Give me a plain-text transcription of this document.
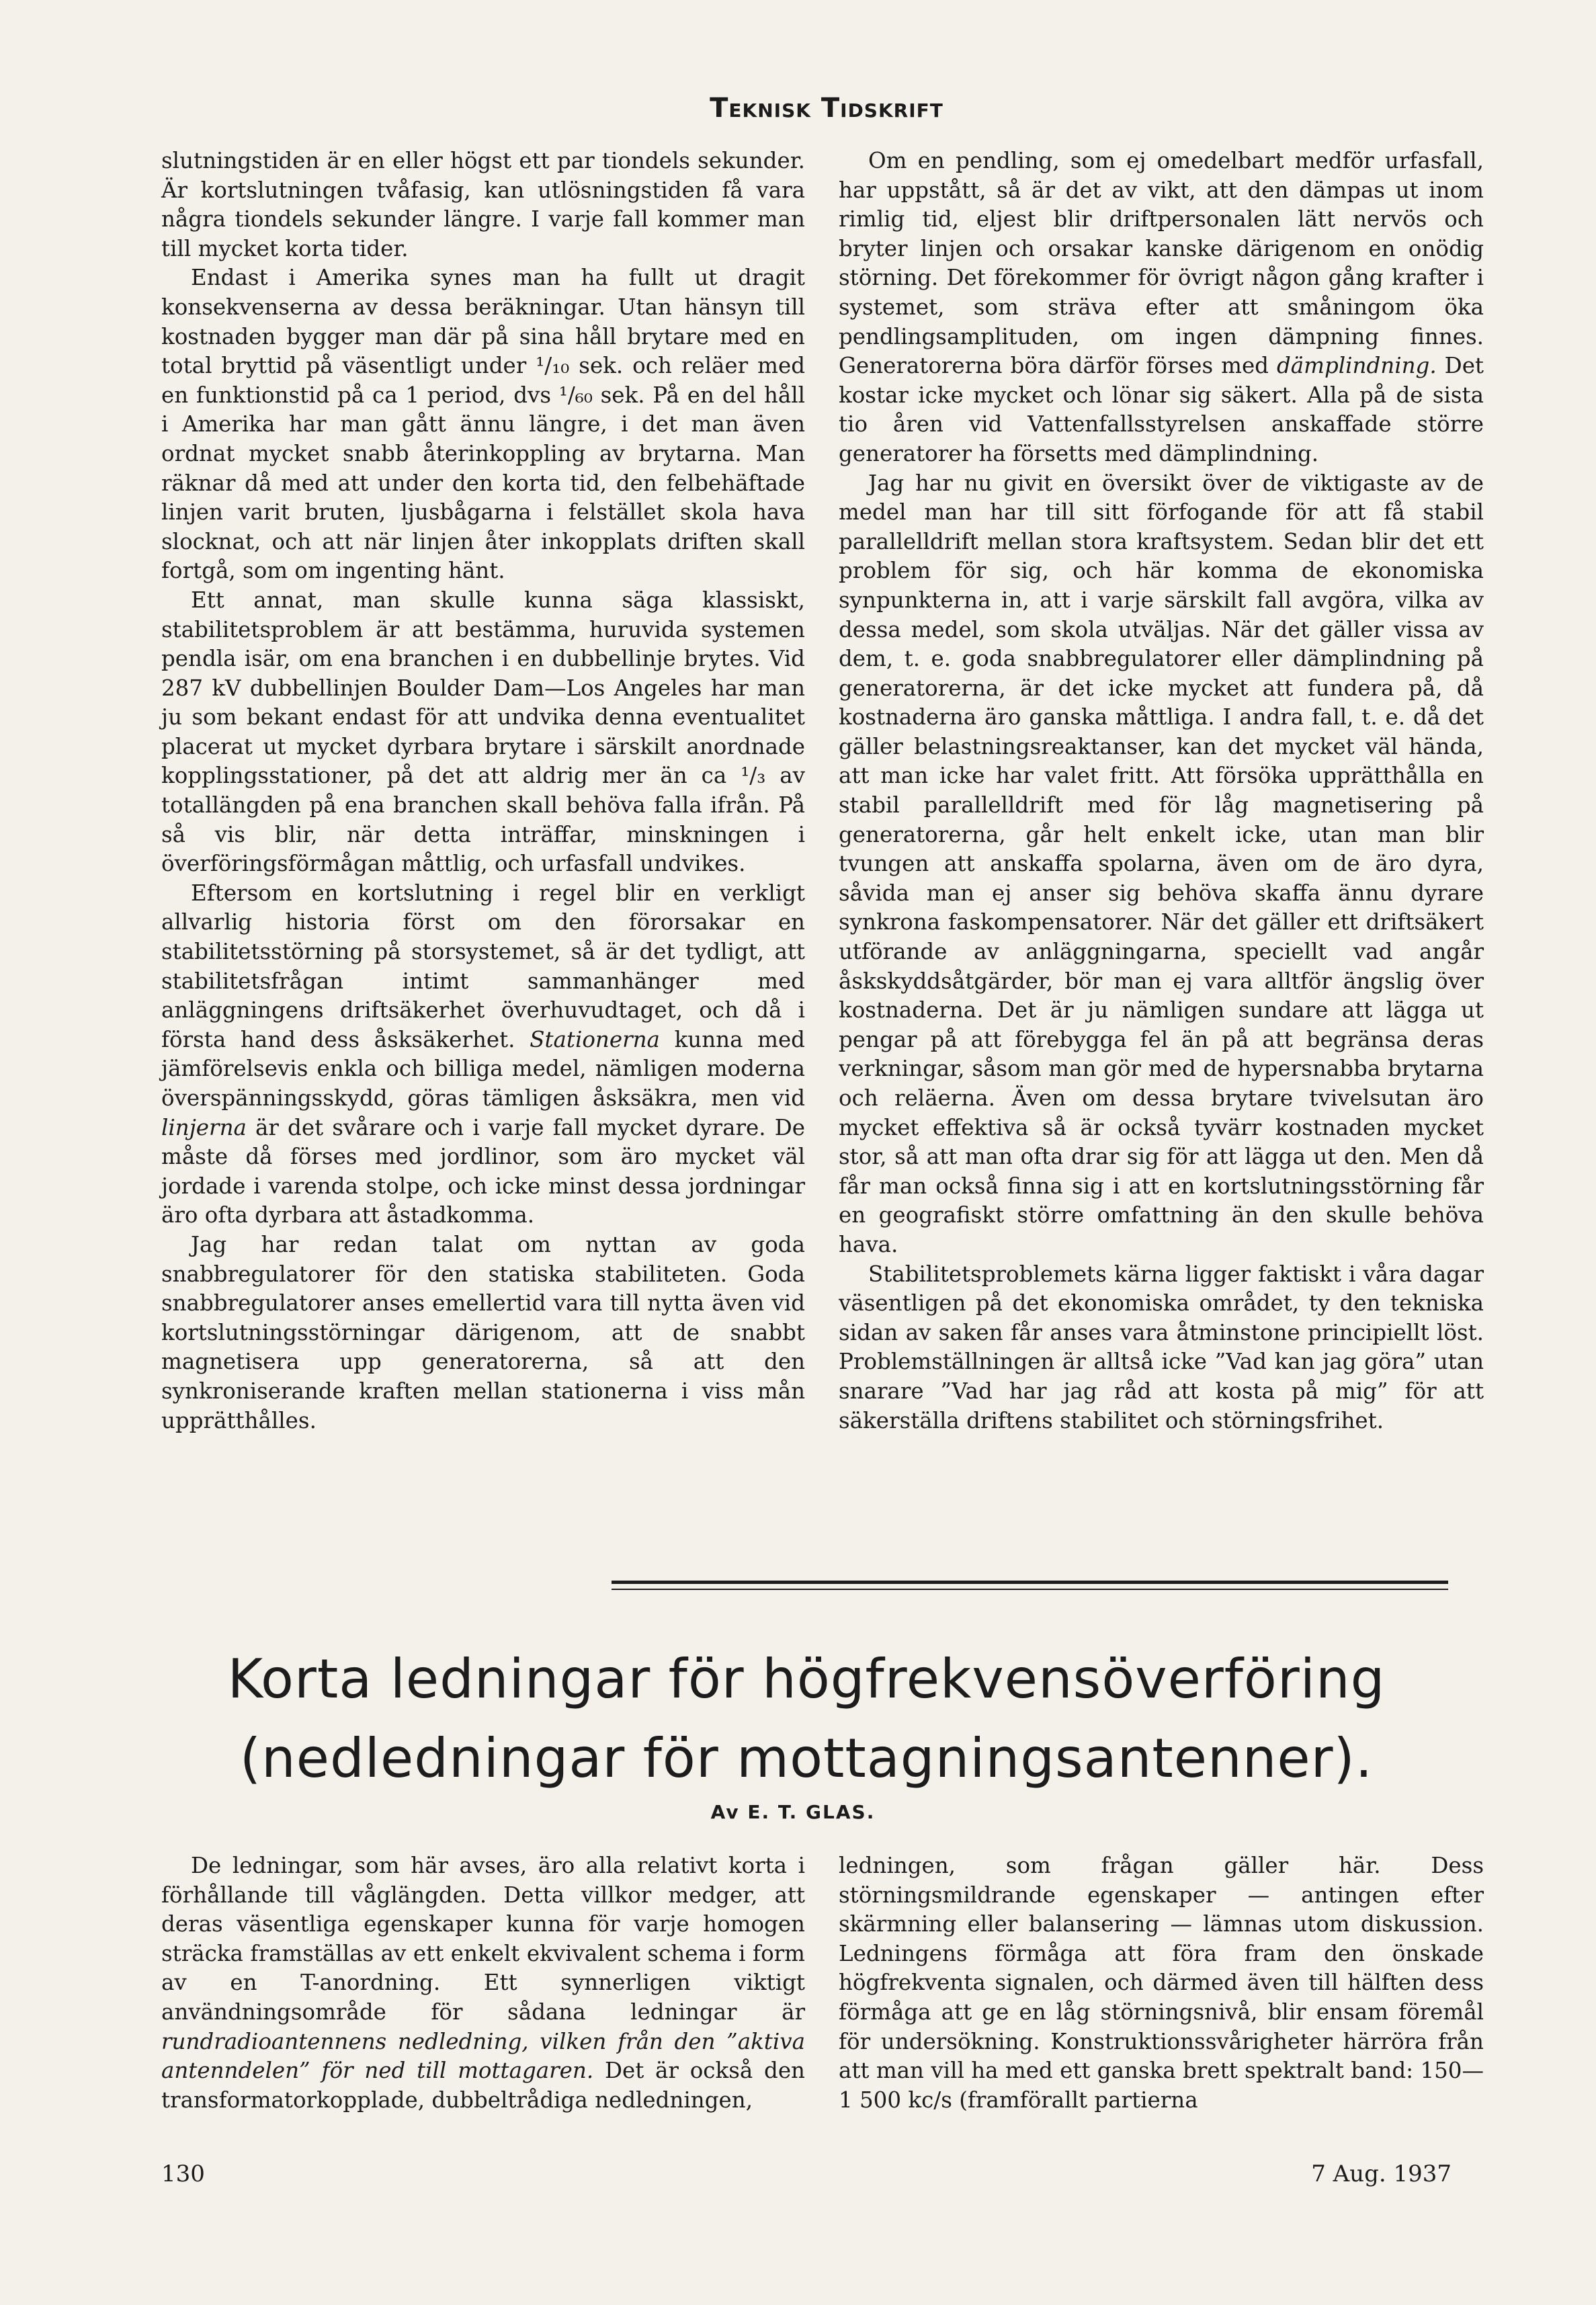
Teknisk Tidskrift

slutningstiden är en eller högst ett par tiondels sekunder. Är kortslutningen tvåfasig, kan utlösningstiden få vara några tiondels sekunder längre. I varje fall kommer man till mycket korta tider.

Endast i Amerika synes man ha fullt ut dragit konsekvenserna av dessa beräkningar. Utan hänsyn till kostnaden bygger man där på sina håll brytare med en total bryttid på väsentligt under ¹/₁₀ sek. och reläer med en funktionstid på ca 1 period, dvs ¹/₆₀ sek. På en del håll i Amerika har man gått ännu längre, i det man även ordnat mycket snabb återinkoppling av brytarna. Man räknar då med att under den korta tid, den felbehäftade linjen varit bruten, ljusbågarna i felstället skola hava slocknat, och att när linjen åter inkopplats driften skall fortgå, som om ingenting hänt.

Ett annat, man skulle kunna säga klassiskt, stabilitetsproblem är att bestämma, huruvida systemen pendla isär, om ena branchen i en dubbellinje brytes. Vid 287 kV dubbellinjen Boulder Dam—Los Angeles har man ju som bekant endast för att undvika denna eventualitet placerat ut mycket dyrbara brytare i särskilt anordnade kopplingsstationer, på det att aldrig mer än ca ¹/₃ av totallängden på ena branchen skall behöva falla ifrån. På så vis blir, när detta inträffar, minskningen i överföringsförmågan måttlig, och urfasfall undvikes.

Eftersom en kortslutning i regel blir en verkligt allvarlig historia först om den förorsakar en stabilitetsstörning på storsystemet, så är det tydligt, att stabilitetsfrågan intimt sammanhänger med anläggningens driftsäkerhet överhuvudtaget, och då i första hand dess åsksäkerhet. Stationerna kunna med jämförelsevis enkla och billiga medel, nämligen moderna överspänningsskydd, göras tämligen åsksäkra, men vid linjerna är det svårare och i varje fall mycket dyrare. De måste då förses med jordlinor, som äro mycket väl jordade i varenda stolpe, och icke minst dessa jordningar äro ofta dyrbara att åstadkomma.

Jag har redan talat om nyttan av goda snabbregulatorer för den statiska stabiliteten. Goda snabbregulatorer anses emellertid vara till nytta även vid kortslutningsstörningar därigenom, att de snabbt magnetisera upp generatorerna, så att den synkroniserande kraften mellan stationerna i viss mån upprätthålles.

Om en pendling, som ej omedelbart medför urfasfall, har uppstått, så är det av vikt, att den dämpas ut inom rimlig tid, eljest blir driftpersonalen lätt nervös och bryter linjen och orsakar kanske därigenom en onödig störning. Det förekommer för övrigt någon gång krafter i systemet, som sträva efter att småningom öka pendlingsamplituden, om ingen dämpning finnes. Generatorerna böra därför förses med dämplindning. Det kostar icke mycket och lönar sig säkert. Alla på de sista tio åren vid Vattenfallsstyrelsen anskaffade större generatorer ha försetts med dämplindning.

Jag har nu givit en översikt över de viktigaste av de medel man har till sitt förfogande för att få stabil parallelldrift mellan stora kraftsystem. Sedan blir det ett problem för sig, och här komma de ekonomiska synpunkterna in, att i varje särskilt fall avgöra, vilka av dessa medel, som skola utväljas. När det gäller vissa av dem, t. e. goda snabbregulatorer eller dämplindning på generatorerna, är det icke mycket att fundera på, då kostnaderna äro ganska måttliga. I andra fall, t. e. då det gäller belastningsreaktanser, kan det mycket väl hända, att man icke har valet fritt. Att försöka upprätthålla en stabil parallelldrift med för låg magnetisering på generatorerna, går helt enkelt icke, utan man blir tvungen att anskaffa spolarna, även om de äro dyra, såvida man ej anser sig behöva skaffa ännu dyrare synkrona faskompensatorer. När det gäller ett driftsäkert utförande av anläggningarna, speciellt vad angår åskskyddsåtgärder, bör man ej vara alltför ängslig över kostnaderna. Det är ju nämligen sundare att lägga ut pengar på att förebygga fel än på att begränsa deras verkningar, såsom man gör med de hypersnabba brytarna och reläerna. Även om dessa brytare tvivelsutan äro mycket effektiva så är också tyvärr kostnaden mycket stor, så att man ofta drar sig för att lägga ut den. Men då får man också finna sig i att en kortslutningsstörning får en geografiskt större omfattning än den skulle behöva hava.

Stabilitetsproblemets kärna ligger faktiskt i våra dagar väsentligen på det ekonomiska området, ty den tekniska sidan av saken får anses vara åtminstone principiellt löst. Problemställningen är alltså icke ”Vad kan jag göra” utan snarare ”Vad har jag råd att kosta på mig” för att säkerställa driftens stabilitet och störningsfrihet.

Korta ledningar för högfrekvensöverföring (nedledningar för mottagningsantenner).
Av E. T. GLAS.

De ledningar, som här avses, äro alla relativt korta i förhållande till våglängden. Detta villkor medger, att deras väsentliga egenskaper kunna för varje homogen sträcka framställas av ett enkelt ekvivalent schema i form av en T-anordning. Ett synnerligen viktigt användningsområde för sådana ledningar är rundradioantennens nedledning, vilken från den ”aktiva antenndelen” för ned till mottagaren. Det är också den transformatorkopplade, dubbeltrådiga nedledningen,

ledningen, som frågan gäller här. Dess störningsmildrande egenskaper — antingen efter skärmning eller balansering — lämnas utom diskussion. Ledningens förmåga att föra fram den önskade högfrekventa signalen, och därmed även till hälften dess förmåga att ge en låg störningsnivå, blir ensam föremål för undersökning. Konstruktionssvårigheter härröra från att man vill ha med ett ganska brett spektralt band: 150—1 500 kc/s (framförallt partierna

130	7 Aug. 1937
